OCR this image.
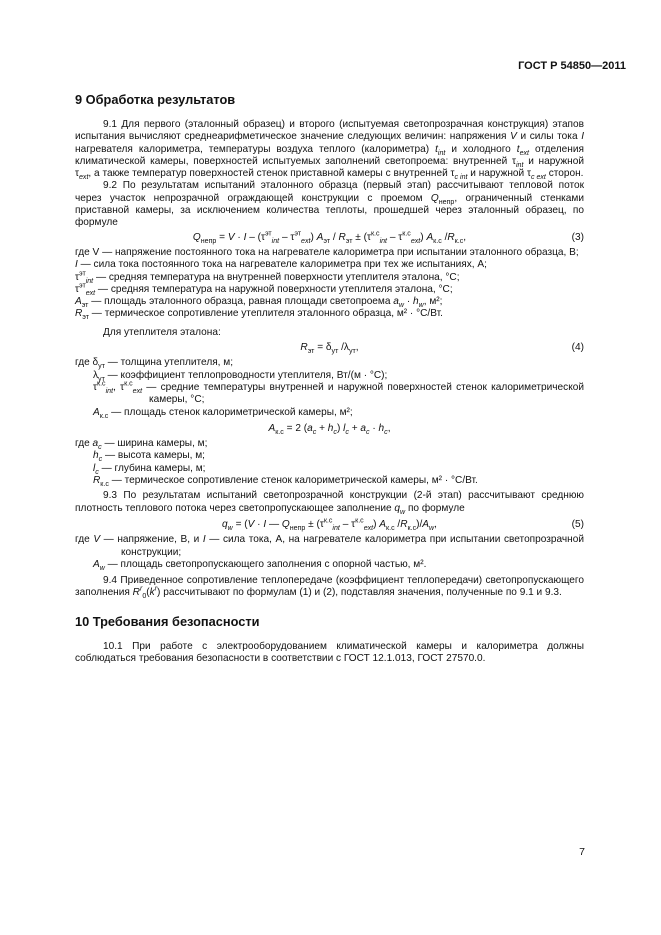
ГОСТ Р 54850—2011
9 Обработка результатов

9.1 Для первого (эталонный образец) и второго (испытуемая светопрозрачная конструкция) этапов испытания вычисляют среднеарифметическое значение следующих величин: напряжения V и силы тока I нагревателя калориметра, температуры воздуха теплого (калориметра) $t_{int}$ и холодного $t_{ext}$ отделения климатической камеры, поверхностей испытуемых заполнений светопроема: внутренней $\tau_{int}$ и наружной $\tau_{ext}$, а также температур поверхностей стенок приставной камеры с внутренней $\tau_{c int}$ и наружной $\tau_{c ext}$ сторон.

9.2 По результатам испытаний эталонного образца (первый этап) рассчитывают тепловой поток через участок непрозрачной ограждающей конструкции с проемом $Q_{непр}$, ограниченный стенками приставной камеры, за исключением количества теплоты, прошедшей через эталонный образец, по формуле

$Q_{непр} = V \cdot I - (\tau^{эт}_{int} - \tau^{эт}_{ext})$ $A_{эт} / R_{эт} \pm (\tau^{к.с}_{int} - \tau^{к.с}_{ext})$ $A_{к.с}$ $/R_{к.с}$,	(3)

где V — напряжение постоянного тока на нагревателе калориметра при испытании эталонного образца, В;

I — сила тока постоянного тока на нагревателе калориметра при тех же испытаниях, А;

$\tau^{эт}_{int}$ — средняя температура на внутренней поверхности утеплителя эталона, °С;

$\tau^{эт}_{ext}$ — средняя температура на наружной поверхности утеплителя эталона, °С;

$A_{эт}$ — площадь эталонного образца, равная площади светопроема $a_w \cdot h_w$, м²;

$R_{эт}$ — термическое сопротивление утеплителя эталонного образца, м² · °С/Вт.

Для утеплителя эталона:

$R_{эт} = \delta_{ут}$ $/\lambda_{ут}$,	(4)

где $\delta_{ут}$ — толщина утеплителя, м;

$\lambda_{ут}$ — коэффициент теплопроводности утеплителя, Вт/(м · °С);

$\tau^{к.с}_{int}$, $\tau^{к.с}_{ext}$ — средние температуры внутренней и наружной поверхностей стенок калориметрической камеры, °С;

$A_{к.с}$ — площадь стенок калориметрической камеры, м²;

$A_{к.с} = 2$ $(a_c + h_c) l_c + a_c \cdot h_c$,

где $a_c$ — ширина камеры, м;

$h_c$ — высота камеры, м;

$l_c$ — глубина камеры, м;

$R_{к.с}$ — термическое сопротивление стенок калориметрической камеры, м² · °С/Вт.

9.3 По результатам испытаний светопрозрачной конструкции (2-й этап) рассчитывают среднюю плотность теплового потока через светопропускающее заполнение $q_w$ по формуле

$q_w = (V \cdot I$ — $Q_{непр} \pm (\tau^{к.с}_{int} - \tau^{к.с}_{ext})$ $A_{к.с}$ $/R_{к.с})/A_w$,	(5)

где V — напряжение, В, и I — сила тока, А, на нагревателе калориметра при испытании светопрозрачной конструкции;

$A_w$ — площадь светопропускающего заполнения с опорной частью, м².

9.4 Приведенное сопротивление теплопередаче (коэффициент теплопередачи) светопропускающего заполнения $R^r_0(k^r)$ рассчитывают по формулам (1) и (2), подставляя значения, полученные по 9.1 и 9.3.

10 Требования безопасности

10.1 При работе с электрооборудованием климатической камеры и калориметра должны соблюдаться требования безопасности в соответствии с ГОСТ 12.1.013, ГОСТ 27570.0.

7
